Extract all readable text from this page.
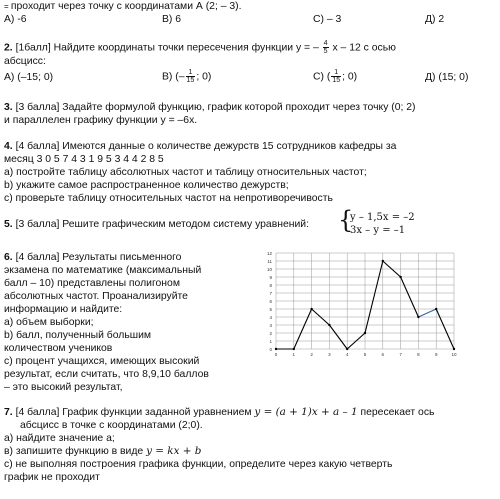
= проходит через точку с координатами А (2; – 3).
А) -6	В) 6	С) – 3	Д) 2
2. [1балл] Найдите координаты точки пересечения функции y = – $\frac{4}{5}$ x – 12 с осью
абсцисс:
А) (–15; 0)	В) (– $\frac{1}{15}$ ; 0)	С) ( $\frac{1}{15}$ ; 0)	Д) (15; 0)
3. [3 балла] Задайте формулой функцию, график которой проходит через точку (0; 2)
и параллелен графику функции y = –6x.
4. [4 балла] Имеются данные о количестве дежурств 15 сотрудников кафедры за
месяц 3 0 5 7 4 3 1 9 5 3 4 4 2 8 5
а) постройте таблицу абсолютных частот и таблицу относительных частот;
b) укажите самое распространенное количество дежурств;
с) проверьте таблицу относительных частот на непротиворечивость
5. [3 балла] Решите графическим методом систему уравнений: {
y – 1,5x = –2
3x – y = –1
6. [4 балла] Результаты письменного
экзамена по математике (максимальный
балл – 10) представлены полигоном
абсолютных частот. Проанализируйте
информацию и найдите:
а) объем выборки;
b) балл, полученный большим
количеством учеников
с) процент учащихся, имеющих высокий
результат, если считать, что 8,9,10 баллов
– это высокий результат,
0
1
2
3
4
5
6
7
8
9
10
11
12
0	1	2	3	4	5	6	7	8	9	10
7. [4 балла] График функции заданной уравнением y = (a + 1)x + a – 1 пересекает ось
абсцисс в точке с координатами (2;0).
а) найдите значение а;
в) запишите функцию в виде y = kx + b
с) не выполняя построения графика функции, определите через какую четверть
график не проходит
